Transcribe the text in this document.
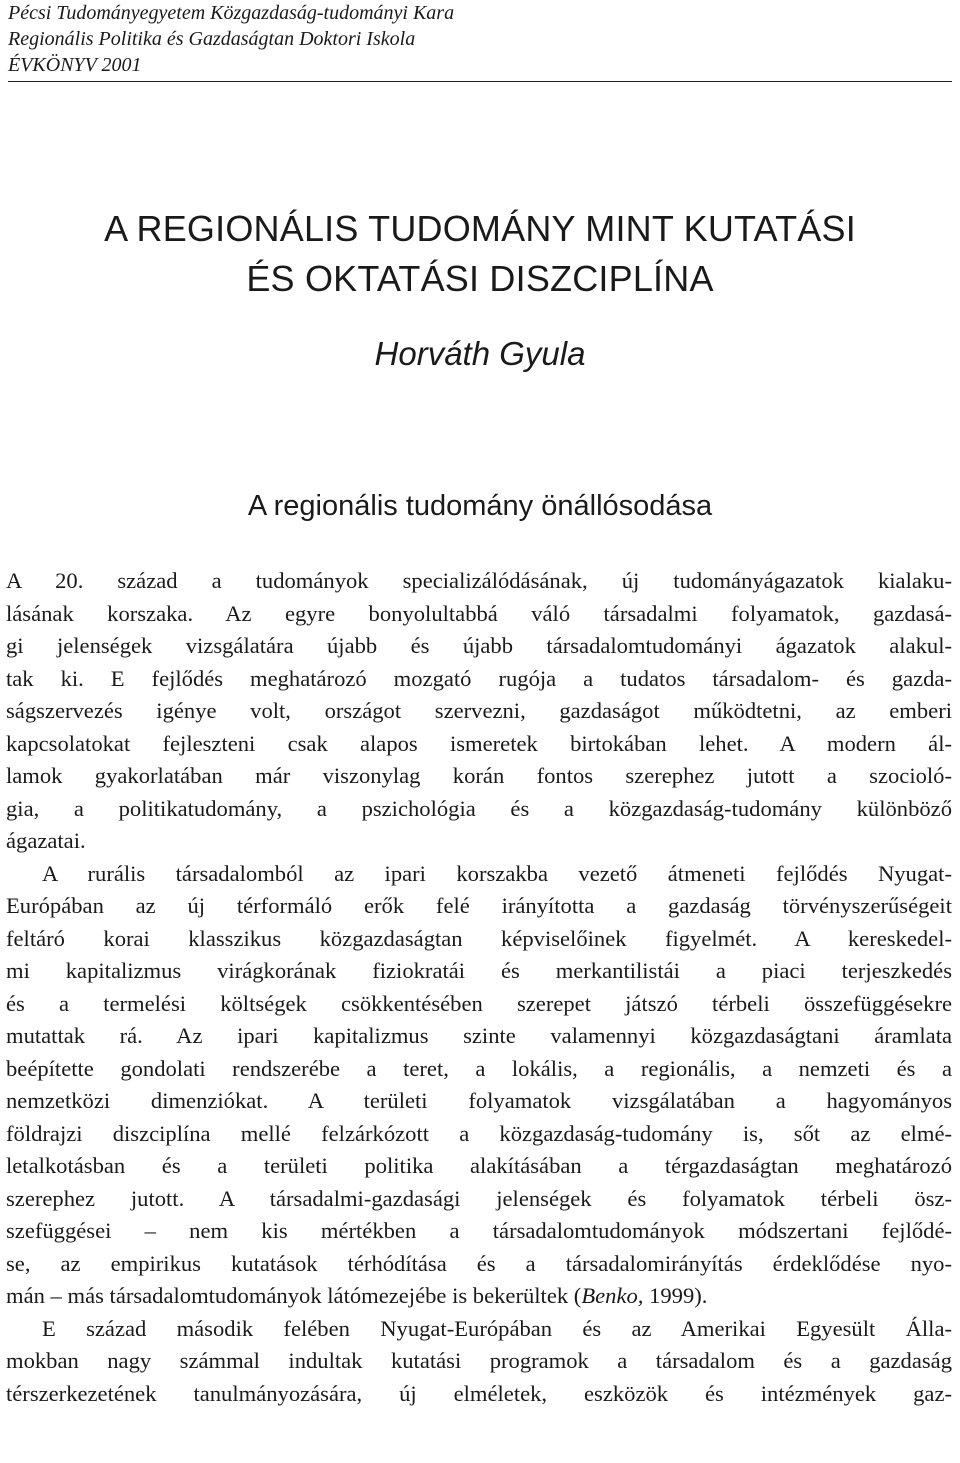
Pécsi Tudományegyetem Közgazdaság-tudományi Kara
Regionális Politika és Gazdaságtan Doktori Iskola
ÉVKÖNYV 2001
A REGIONÁLIS TUDOMÁNY MINT KUTATÁSI
ÉS OKTATÁSI DISZCIPLÍNA
Horváth Gyula
A regionális tudomány önállósodása
A 20. század a tudományok specializálódásának, új tudományágazatok kialaku-
lásának korszaka. Az egyre bonyolultabbá váló társadalmi folyamatok, gazdasá-
gi jelenségek vizsgálatára újabb és újabb társadalomtudományi ágazatok alakul-
tak ki. E fejlődés meghatározó mozgató rugója a tudatos társadalom- és gazda-
ságszervezés igénye volt, országot szervezni, gazdaságot működtetni, az emberi
kapcsolatokat fejleszteni csak alapos ismeretek birtokában lehet. A modern ál-
lamok gyakorlatában már viszonylag korán fontos szerephez jutott a szocioló-
gia, a politikatudomány, a pszichológia és a közgazdaság-tudomány különböző
ágazatai.
A rurális társadalomból az ipari korszakba vezető átmeneti fejlődés Nyugat-
Európában az új térformáló erők felé irányította a gazdaság törvényszerűségeit
feltáró korai klasszikus közgazdaságtan képviselőinek figyelmét. A kereskedel-
mi kapitalizmus virágkorának fiziokratái és merkantilistái a piaci terjeszkedés
és a termelési költségek csökkentésében szerepet játszó térbeli összefüggésekre
mutattak rá. Az ipari kapitalizmus szinte valamennyi közgazdaságtani áramlata
beépítette gondolati rendszerébe a teret, a lokális, a regionális, a nemzeti és a
nemzetközi dimenziókat. A területi folyamatok vizsgálatában a hagyományos
földrajzi diszciplína mellé felzárkózott a közgazdaság-tudomány is, sőt az elmé-
letalkotásban és a területi politika alakításában a térgazdaságtan meghatározó
szerephez jutott. A társadalmi-gazdasági jelenségek és folyamatok térbeli ösz-
szefüggései – nem kis mértékben a társadalomtudományok módszertani fejlődé-
se, az empirikus kutatások térhódítása és a társadalomirányítás érdeklődése nyo-
mán – más társadalomtudományok látómezejébe is bekerültek (Benko, 1999).
E század második felében Nyugat-Európában és az Amerikai Egyesült Álla-
mokban nagy számmal indultak kutatási programok a társadalom és a gazdaság
térszerkezetének tanulmányozására, új elméletek, eszközök és intézmények gaz-
